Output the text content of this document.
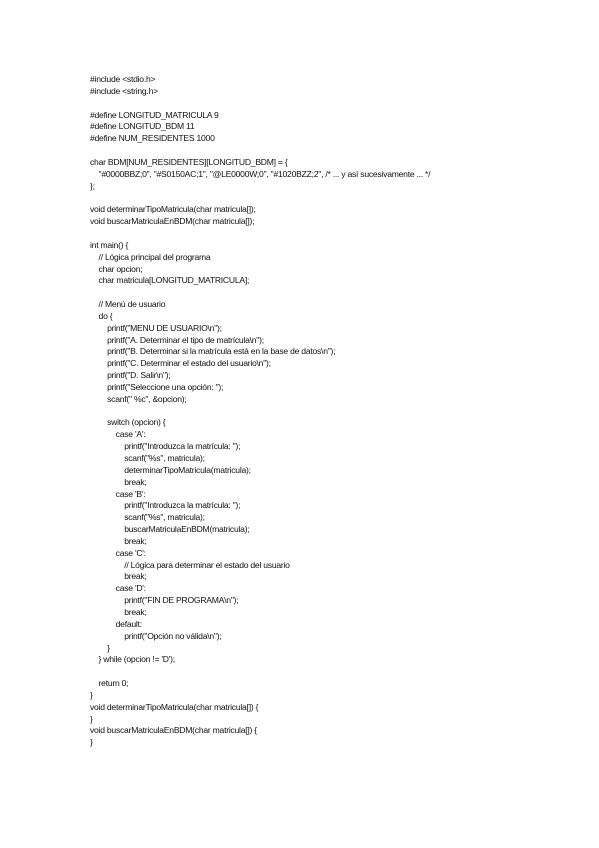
#include <stdio.h>
#include <string.h>
#define LONGITUD_MATRICULA 9
#define LONGITUD_BDM 11
#define NUM_RESIDENTES 1000
char BDM[NUM_RESIDENTES][LONGITUD_BDM] = {
"#0000BBZ;0", "#S0150AC;1", "@LE0000W;0", "#1020BZZ;2", /* ... y así sucesivamente ... */
};
void determinarTipoMatricula(char matricula[]);
void buscarMatriculaEnBDM(char matricula[]);
int main() {
// Lógica principal del programa
char opcion;
char matricula[LONGITUD_MATRICULA];
// Menú de usuario
do {
printf("MENU DE USUARIO\n");
printf("A. Determinar el tipo de matrícula\n");
printf("B. Determinar si la matrícula está en la base de datos\n");
printf("C. Determinar el estado del usuario\n");
printf("D. Salir\n");
printf("Seleccione una opción: ");
scanf(" %c", &opcion);
switch (opcion) {
case 'A':
printf("Introduzca la matrícula: ");
scanf("%s", matricula);
determinarTipoMatricula(matricula);
break;
case 'B':
printf("Introduzca la matrícula: ");
scanf("%s", matricula);
buscarMatriculaEnBDM(matricula);
break;
case 'C':
// Lógica para determinar el estado del usuario
break;
case 'D':
printf("FIN DE PROGRAMA\n");
break;
default:
printf("Opción no válida\n");
}
} while (opcion != 'D');
return 0;
}
void determinarTipoMatricula(char matricula[]) {
}
void buscarMatriculaEnBDM(char matricula[]) {
}
